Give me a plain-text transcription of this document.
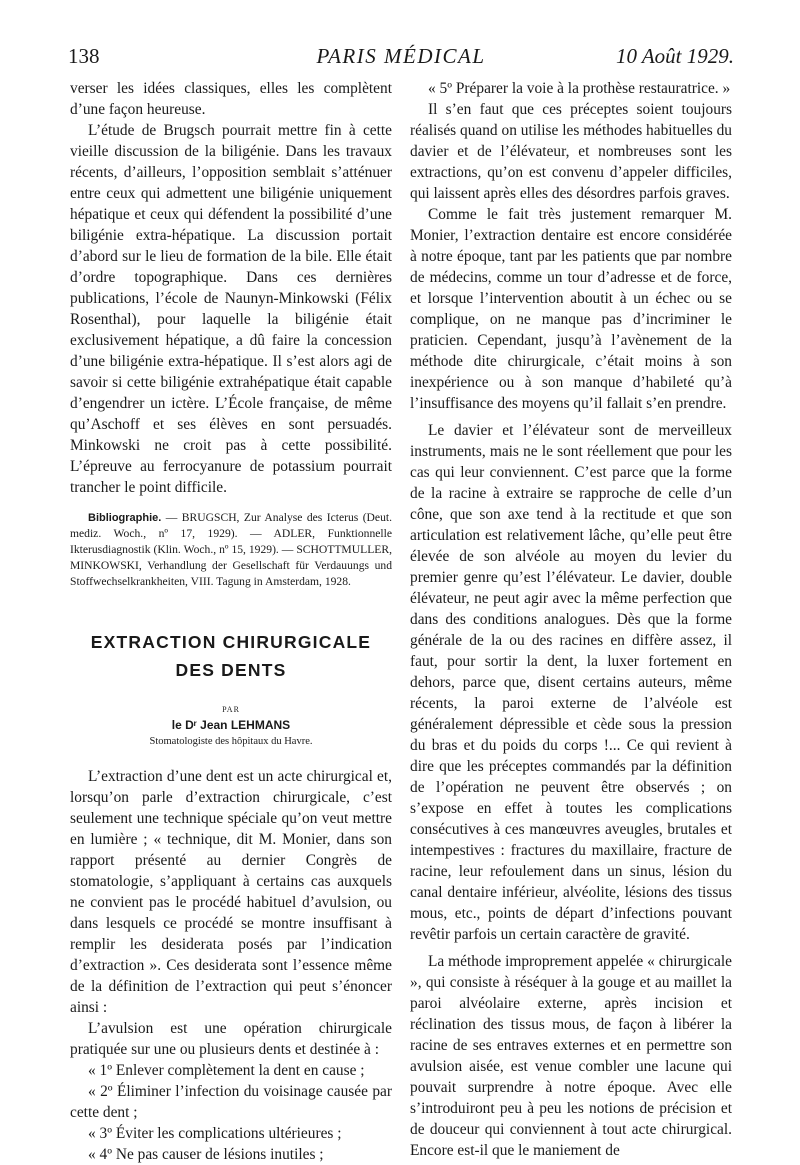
138	PARIS MÉDICAL	10 Août 1929.

verser les idées classiques, elles les complètent d’une façon heureuse.

L’étude de Brugsch pourrait mettre fin à cette vieille discussion de la biligénie. Dans les travaux récents, d’ailleurs, l’opposition semblait s’atténuer entre ceux qui admettent une biligénie uniquement hépatique et ceux qui défendent la possibilité d’une biligénie extra-hépatique. La discussion portait d’abord sur le lieu de formation de la bile. Elle était d’ordre topographique. Dans ces dernières publications, l’école de Naunyn-Minkowski (Félix Rosenthal), pour laquelle la biligénie était exclusivement hépatique, a dû faire la concession d’une biligénie extra-hépatique. Il s’est alors agi de savoir si cette biligénie extrahépatique était capable d’engendrer un ictère. L’École française, de même qu’Aschoff et ses élèves en sont persuadés. Minkowski ne croit pas à cette possibilité. L’épreuve au ferrocyanure de potassium pourrait trancher le point difficile.

Bibliographie. — BRUGSCH, Zur Analyse des Icterus (Deut. mediz. Woch., nº 17, 1929). — ADLER, Funktionnelle Ikterusdiagnostik (Klin. Woch., nº 15, 1929). — SCHOTTMULLER, MINKOWSKI, Verhandlung der Gesellschaft für Verdauungs und Stoffwechselkrankheiten, VIII. Tagung in Amsterdam, 1928.

EXTRACTION CHIRURGICALE
DES DENTS
PAR
le Dʳ Jean LEHMANS
Stomatologiste des hôpitaux du Havre.

L’extraction d’une dent est un acte chirurgical et, lorsqu’on parle d’extraction chirurgicale, c’est seulement une technique spéciale qu’on veut mettre en lumière ; « technique, dit M. Monier, dans son rapport présenté au dernier Congrès de stomatologie, s’appliquant à certains cas auxquels ne convient pas le procédé habituel d’avulsion, ou dans lesquels ce procédé se montre insuffisant à remplir les desiderata posés par l’indication d’extraction ». Ces desiderata sont l’essence même de la définition de l’extraction qui peut s’énoncer ainsi :

L’avulsion est une opération chirurgicale pratiquée sur une ou plusieurs dents et destinée à :

« 1º Enlever complètement la dent en cause ;

« 2º Éliminer l’infection du voisinage causée par cette dent ;

« 3º Éviter les complications ultérieures ;

« 4º Ne pas causer de lésions inutiles ;

« 5º Préparer la voie à la prothèse restauratrice. »

Il s’en faut que ces préceptes soient toujours réalisés quand on utilise les méthodes habituelles du davier et de l’élévateur, et nombreuses sont les extractions, qu’on est convenu d’appeler difficiles, qui laissent après elles des désordres parfois graves.

Comme le fait très justement remarquer M. Monier, l’extraction dentaire est encore considérée à notre époque, tant par les patients que par nombre de médecins, comme un tour d’adresse et de force, et lorsque l’intervention aboutit à un échec ou se complique, on ne manque pas d’incriminer le praticien. Cependant, jusqu’à l’avènement de la méthode dite chirurgicale, c’était moins à son inexpérience ou à son manque d’habileté qu’à l’insuffisance des moyens qu’il fallait s’en prendre.

Le davier et l’élévateur sont de merveilleux instruments, mais ne le sont réellement que pour les cas qui leur conviennent. C’est parce que la forme de la racine à extraire se rapproche de celle d’un cône, que son axe tend à la rectitude et que son articulation est relativement lâche, qu’elle peut être élevée de son alvéole au moyen du levier du premier genre qu’est l’élévateur. Le davier, double élévateur, ne peut agir avec la même perfection que dans des conditions analogues. Dès que la forme générale de la ou des racines en diffère assez, il faut, pour sortir la dent, la luxer fortement en dehors, parce que, disent certains auteurs, même récents, la paroi externe de l’alvéole est généralement dépressible et cède sous la pression du bras et du poids du corps !... Ce qui revient à dire que les préceptes commandés par la définition de l’opération ne peuvent être observés ; on s’expose en effet à toutes les complications consécutives à ces manœuvres aveugles, brutales et intempestives : fractures du maxillaire, fracture de racine, leur refoulement dans un sinus, lésion du canal dentaire inférieur, alvéolite, lésions des tissus mous, etc., points de départ d’infections pouvant revêtir parfois un certain caractère de gravité.

La méthode improprement appelée « chirurgicale », qui consiste à réséquer à la gouge et au maillet la paroi alvéolaire externe, après incision et réclination des tissus mous, de façon à libérer la racine de ses entraves externes et en permettre son avulsion aisée, est venue combler une lacune qui pouvait surprendre à notre époque. Avec elle s’introduiront peu à peu les notions de précision et de douceur qui conviennent à tout acte chirurgical. Encore est-il que le maniement de
